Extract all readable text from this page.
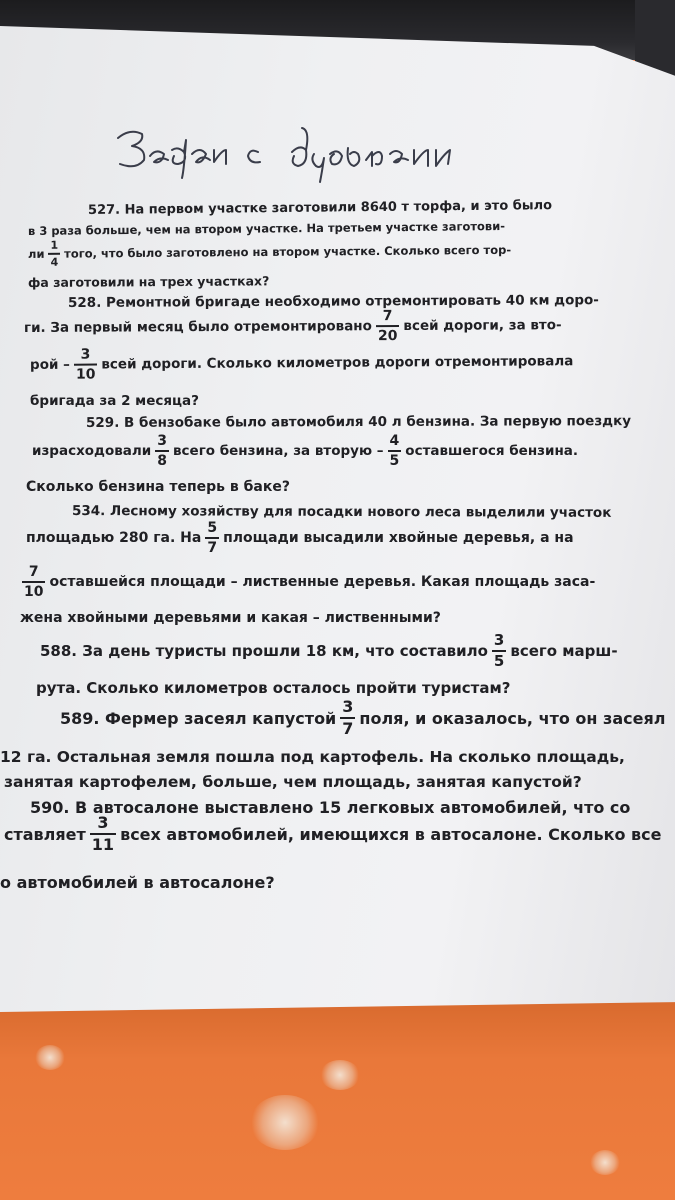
527. На первом участке заготовили 8640 т торфа, и это было
в 3 раза больше, чем на втором участке. На третьем участке заготови-
ли $\frac{1}{4}$ того, что было заготовлено на втором участке. Сколько всего тор-
фа заготовили на трех участках?
528. Ремонтной бригаде необходимо отремонтировать 40 км доро-
ги. За первый месяц было отремонтировано $\frac{7}{20}$ всей дороги, за вто-
рой – $\frac{3}{10}$ всей дороги. Сколько километров дороги отремонтировала
бригада за 2 месяца?
529. В бензобаке было автомобиля 40 л бензина. За первую поездку
израсходовали $\frac{3}{8}$ всего бензина, за вторую – $\frac{4}{5}$ оставшегося бензина.
Сколько бензина теперь в баке?
534. Лесному хозяйству для посадки нового леса выделили участок
площадью 280 га. На $\frac{5}{7}$ площади высадили хвойные деревья, а на
$\frac{7}{10}$ оставшейся площади – лиственные деревья. Какая площадь заса-
жена хвойными деревьями и какая – лиственными?
588. За день туристы прошли 18 км, что составило $\frac{3}{5}$ всего марш-
рута. Сколько километров осталось пройти туристам?
589. Фермер засеял капустой $\frac{3}{7}$ поля, и оказалось, что он засеял
12 га. Остальная земля пошла под картофель. На сколько площадь,
занятая картофелем, больше, чем площадь, занятая капустой?
590. В автосалоне выставлено 15 легковых автомобилей, что со
ставляет $\frac{3}{11}$ всех автомобилей, имеющихся в автосалоне. Сколько все
о автомобилей в автосалоне?
